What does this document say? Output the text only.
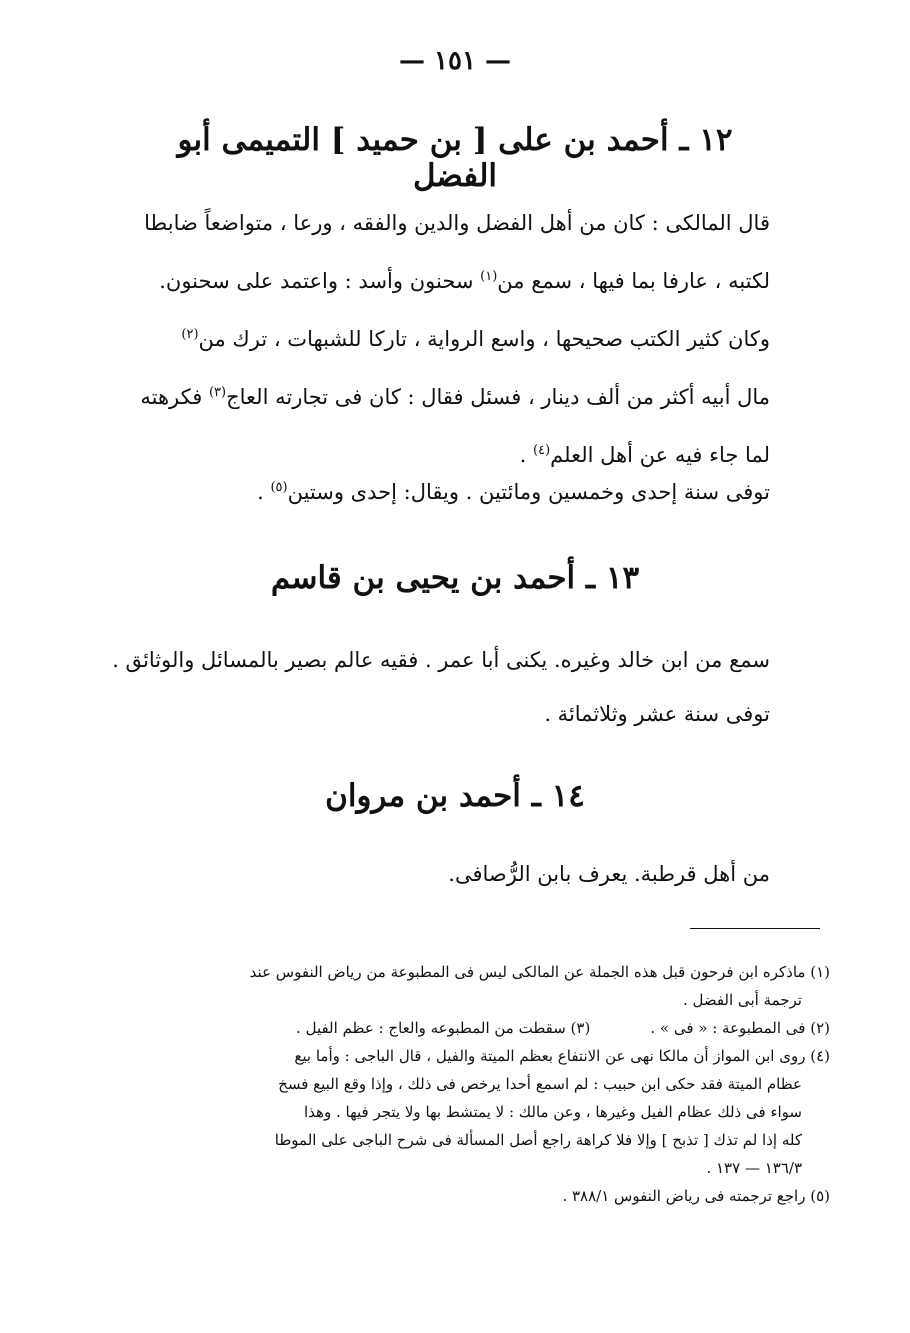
— ١٥١ —
١٢ ـ أحمد بن على [ بن حميد ] التميمى أبو الفضل
قال المالكى : كان من أهل الفضل والدين والفقه ، ورعا ، متواضعاً ضابطا
لكتبه ، عارفا بما فيها ، سمع من$^{(١)}$ سحنون وأسد : واعتمد على سحنون.
وكان كثير الكتب صحيحها ، واسع الرواية ، تاركا للشبهات ، ترك من$^{(٢)}$
مال أبيه أكثر من ألف دينار ، فسئل فقال : كان فى تجارته العاج$^{(٣)}$ فكرهته
لما جاء فيه عن أهل العلم$^{(٤)}$ .
توفى سنة إحدى وخمسين ومائتين . ويقال: إحدى وستين$^{(٥)}$ .
١٣ ـ أحمد بن يحيى بن قاسم
سمع من ابن خالد وغيره. يكنى أبا عمر . فقيه عالم بصير بالمسائل والوثائق .
توفى سنة عشر وثلاثمائة .
١٤ ـ أحمد بن مروان
من أهل قرطبة. يعرف بابن الرُّصافى.
(١) ماذكره ابن فرحون قبل هذه الجملة عن المالكى ليس فى المطبوعة من رياض النفوس عند
ترجمة أبى الفضل .
(٢) فى المطبوعة : « فى » .
(٣) سقطت من المطبوعه والعاج : عظم الفيل .
(٤) روى ابن المواز أن مالكا نهى عن الانتفاع بعظم الميتة والفيل ، قال الباجى : وأما بيع
عظام الميتة فقد حكى ابن حبيب : لم اسمع أحدا يرخص فى ذلك ، وإذا وقع البيع فسخ
سواء فى ذلك عظام الفيل وغيرها ، وعن مالك : لا يمتشط بها ولا يتجر فيها . وهذا
كله إذا لم تذك [ تذبح ] وإلا فلا كراهة راجع أصل المسألة فى شرح الباجى على الموطا
١٣٦/٣ — ١٣٧ .
(٥) راجع ترجمته فى رياض النفوس ٣٨٨/١ .
